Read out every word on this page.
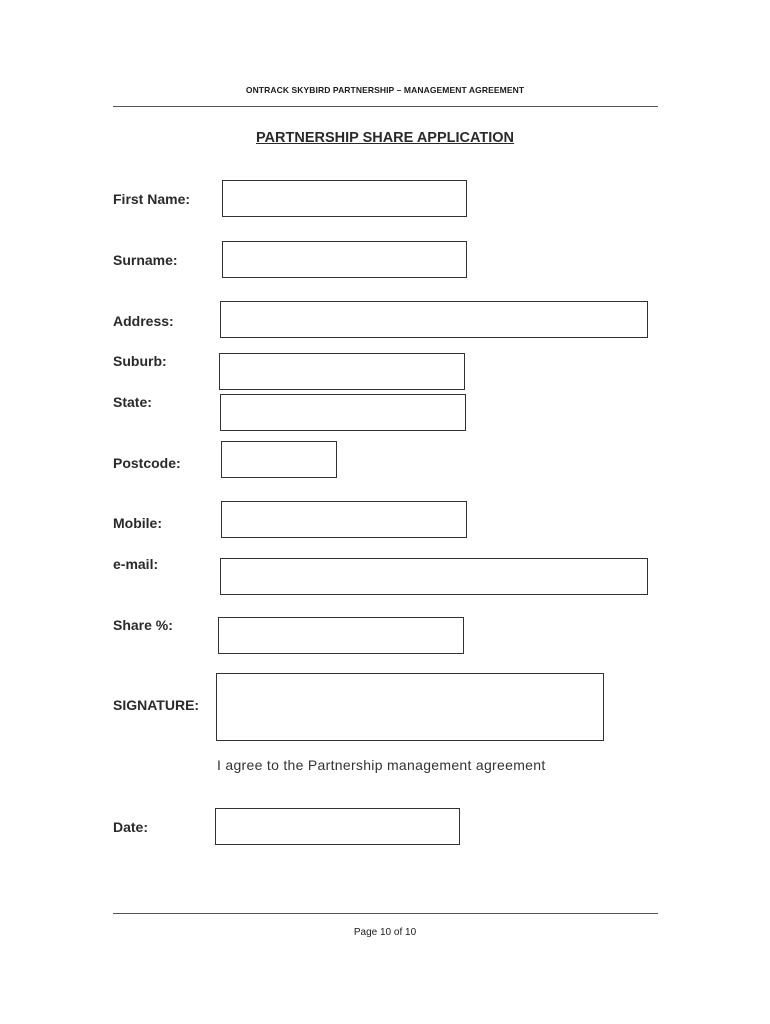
ONTRACK SKYBIRD PARTNERSHIP – MANAGEMENT AGREEMENT
PARTNERSHIP SHARE APPLICATION
First Name:
Surname:
Address:
Suburb:
State:
Postcode:
Mobile:
e-mail:
Share %:
SIGNATURE:
I agree to the Partnership management agreement
Date:
Page 10 of 10
